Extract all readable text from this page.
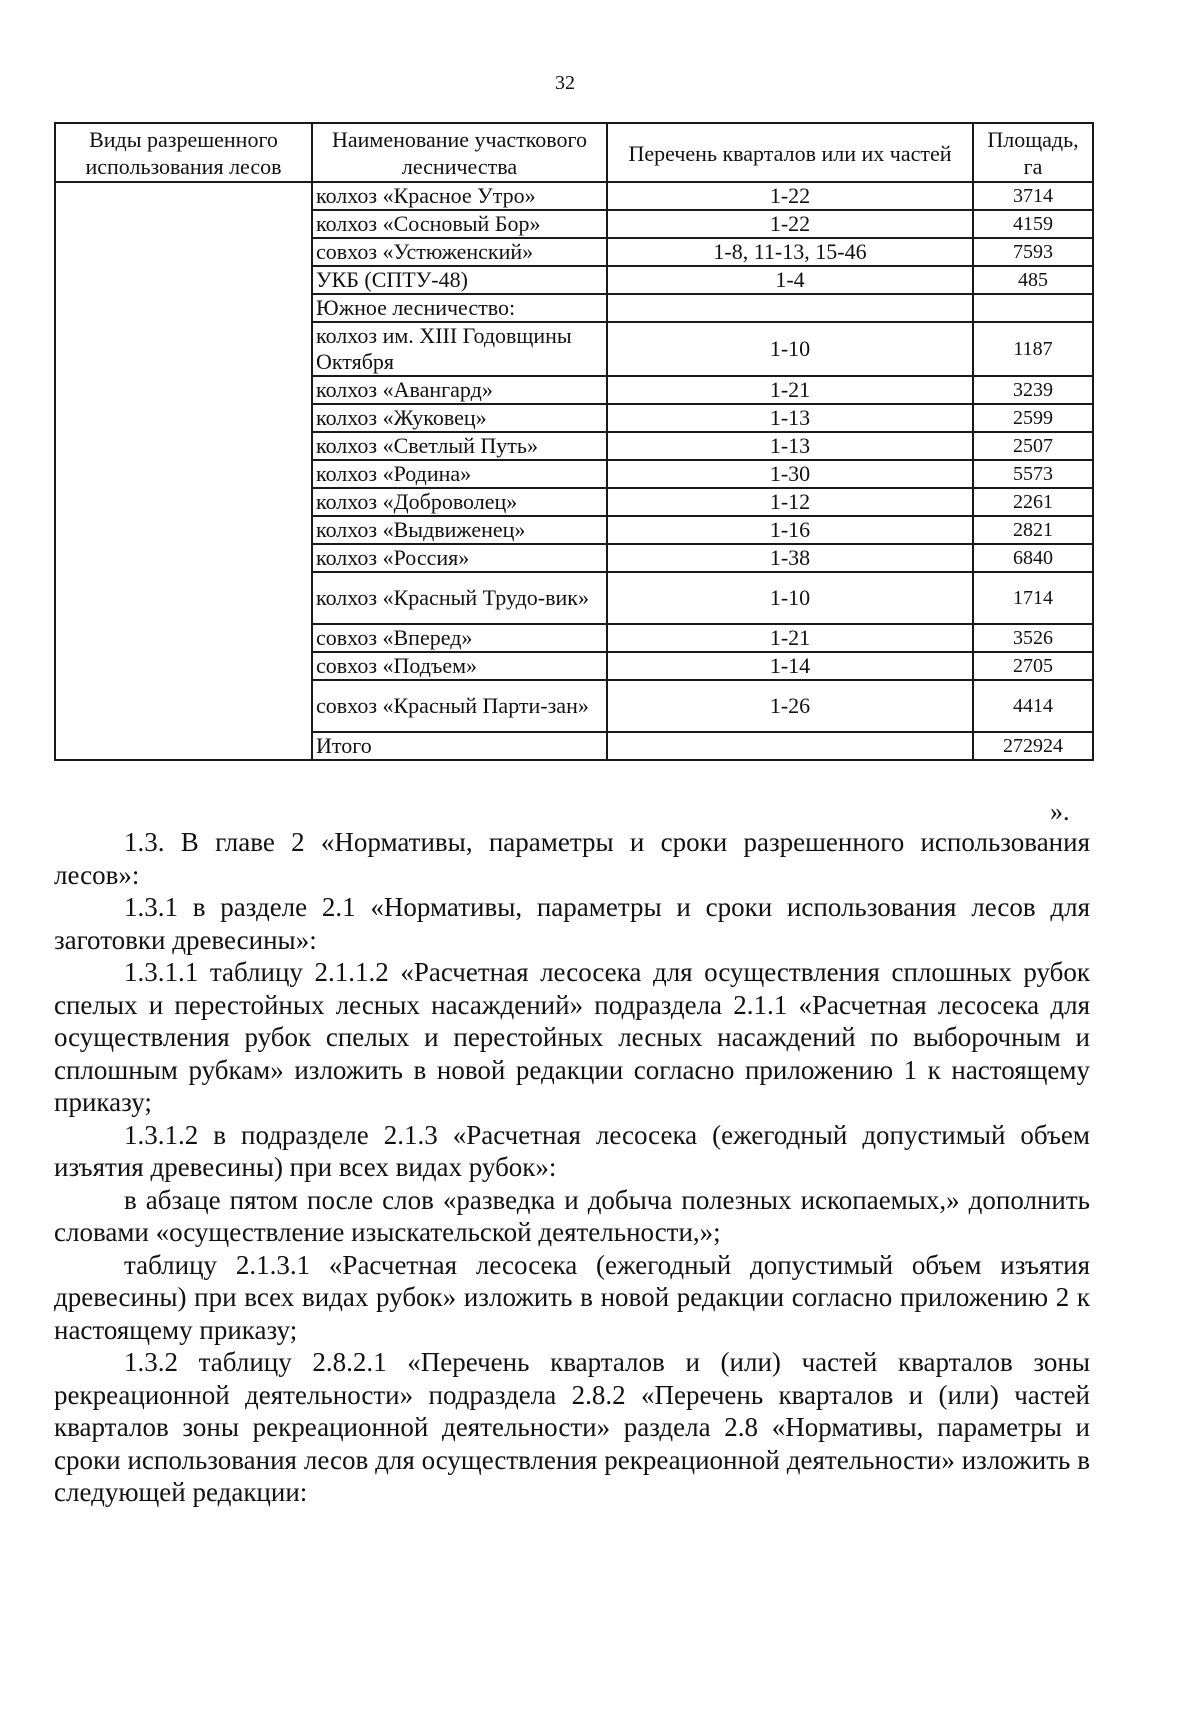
32
Виды разрешенного использования лесов	Наименование участкового лесничества	Перечень кварталов или их частей	Площадь, га
	колхоз «Красное Утро»	1-22	3714
	колхоз «Сосновый Бор»	1-22	4159
	совхоз «Устюженский»	1-8, 11-13, 15-46	7593
	УКБ (СПТУ-48)	1-4	485
	Южное лесничество:		
	колхоз им. XIII Годовщины Октября	1-10	1187
	колхоз «Авангард»	1-21	3239
	колхоз «Жуковец»	1-13	2599
	колхоз «Светлый Путь»	1-13	2507
	колхоз «Родина»	1-30	5573
	колхоз «Доброволец»	1-12	2261
	колхоз «Выдвиженец»	1-16	2821
	колхоз «Россия»	1-38	6840
	колхоз «Красный Трудо-вик»	1-10	1714
	совхоз «Вперед»	1-21	3526
	совхоз «Подъем»	1-14	2705
	совхоз «Красный Парти-зан»	1-26	4414
	Итого		272924
».

1.3. В главе 2 «Нормативы, параметры и сроки разрешенного использования лесов»:

1.3.1 в разделе 2.1 «Нормативы, параметры и сроки использования лесов для заготовки древесины»:

1.3.1.1 таблицу 2.1.1.2 «Расчетная лесосека для осуществления сплошных рубок спелых и перестойных лесных насаждений» подраздела 2.1.1 «Расчетная лесосека для осуществления рубок спелых и перестойных лесных насаждений по выборочным и сплошным рубкам» изложить в новой редакции согласно приложению 1 к настоящему приказу;

1.3.1.2 в подразделе 2.1.3 «Расчетная лесосека (ежегодный допустимый объем изъятия древесины) при всех видах рубок»:

в абзаце пятом после слов «разведка и добыча полезных ископаемых,» дополнить словами «осуществление изыскательской деятельности,»;

таблицу 2.1.3.1 «Расчетная лесосека (ежегодный допустимый объем изъятия древесины) при всех видах рубок» изложить в новой редакции согласно приложению 2 к настоящему приказу;

1.3.2 таблицу 2.8.2.1 «Перечень кварталов и (или) частей кварталов зоны рекреационной деятельности» подраздела 2.8.2 «Перечень кварталов и (или) частей кварталов зоны рекреационной деятельности» раздела 2.8 «Нормативы, параметры и сроки использования лесов для осуществления рекреационной деятельности» изложить в следующей редакции:
